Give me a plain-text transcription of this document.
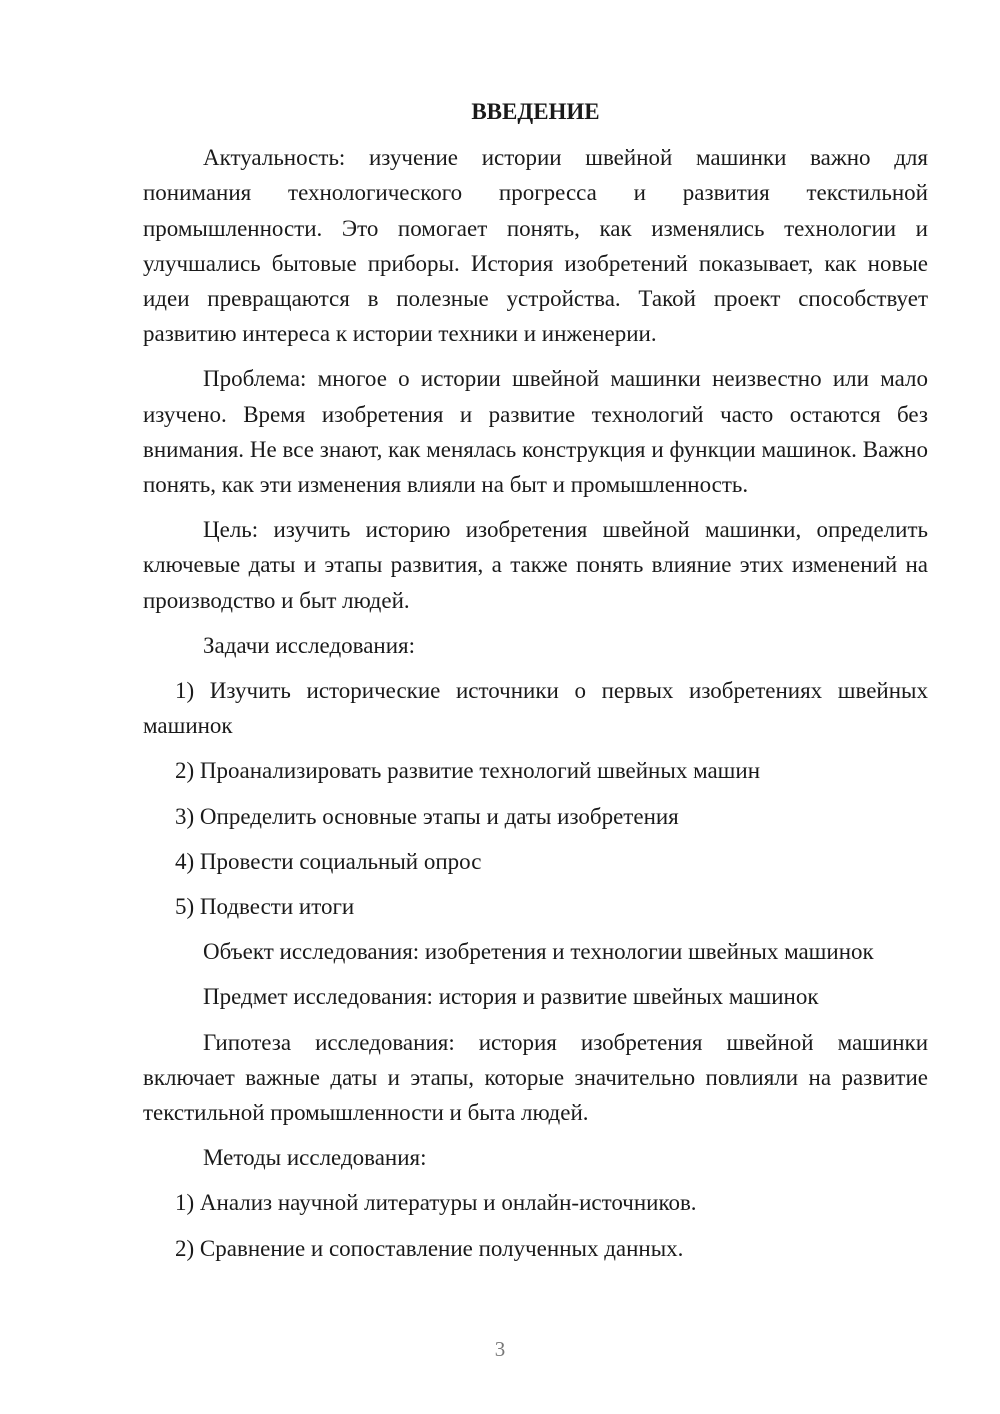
ВВЕДЕНИЕ

Актуальность: изучение истории швейной машинки важно для понимания технологического прогресса и развития текстильной промышленности. Это помогает понять, как изменялись технологии и улучшались бытовые приборы. История изобретений показывает, как новые идеи превращаются в полезные устройства. Такой проект способствует развитию интереса к истории техники и инженерии.

Проблема: многое о истории швейной машинки неизвестно или мало изучено. Время изобретения и развитие технологий часто остаются без внимания. Не все знают, как менялась конструкция и функции машинок. Важно понять, как эти изменения влияли на быт и промышленность.

Цель: изучить историю изобретения швейной машинки, определить ключевые даты и этапы развития, а также понять влияние этих изменений на производство и быт людей.

Задачи исследования:

1) Изучить исторические источники о первых изобретениях швейных машинок

2) Проанализировать развитие технологий швейных машин

3) Определить основные этапы и даты изобретения

4) Провести социальный опрос

5) Подвести итоги

Объект исследования: изобретения и технологии швейных машинок

Предмет исследования: история и развитие швейных машинок

Гипотеза исследования: история изобретения швейной машинки включает важные даты и этапы, которые значительно повлияли на развитие текстильной промышленности и быта людей.

Методы исследования:

1) Анализ научной литературы и онлайн-источников.

2) Сравнение и сопоставление полученных данных.

3
